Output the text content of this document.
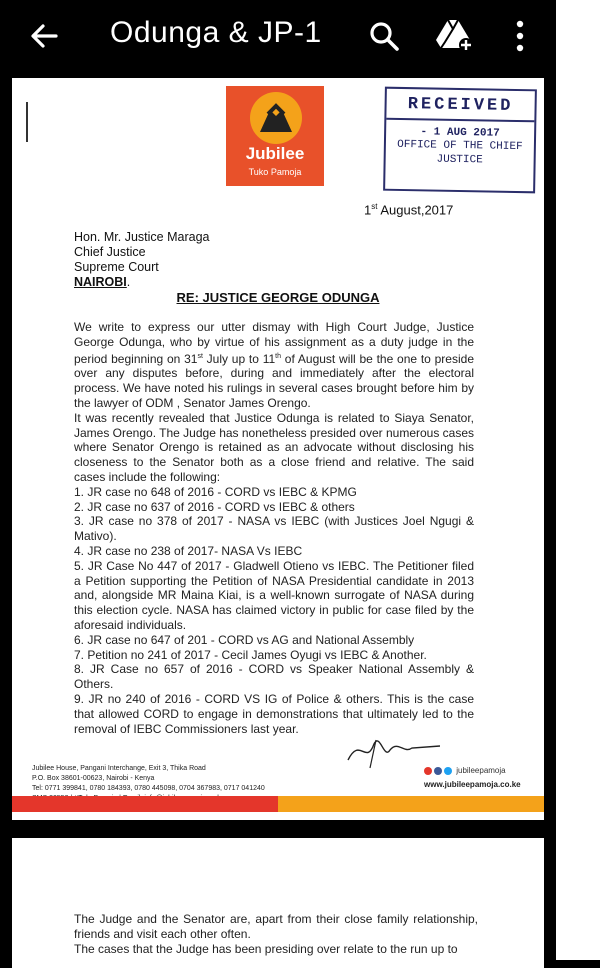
Odunga & JP-1
Jubilee
Tuko Pamoja
RECEIVED
- 1 AUG 2017
OFFICE OF THE CHIEF
JUSTICE
1st August,2017
Hon. Mr. Justice Maraga
Chief Justice
Supreme Court
NAIROBI.
RE: JUSTICE GEORGE ODUNGA

We write to express our utter dismay with High Court Judge, Justice George Odunga, who by virtue of his assignment as a duty judge in the period beginning on 31st July up to 11th of August will be the one to preside over any disputes before, during and immediately after the electoral process. We have noted his rulings in several cases brought before him by the lawyer of ODM , Senator James Orengo.

It was recently revealed that Justice Odunga is related to Siaya Senator, James Orengo. The Judge has nonetheless presided over numerous cases where Senator Orengo is retained as an advocate without disclosing his closeness to the Senator both as a close friend and relative. The said cases include the following:

1. JR case no 648 of 2016 - CORD vs IEBC & KPMG

2. JR case no 637 of 2016 - CORD vs IEBC & others

3. JR case no 378 of 2017 - NASA vs IEBC (with Justices Joel Ngugi & Mativo).

4. JR case no 238 of 2017- NASA Vs IEBC

5. JR Case No 447 of 2017 - Gladwell Otieno vs IEBC. The Petitioner filed a Petition supporting the Petition of NASA Presidential candidate in 2013 and, alongside MR Maina Kiai, is a well-known surrogate of NASA during this election cycle. NASA has claimed victory in public for case filed by the aforesaid individuals.

6. JR case no 647 of 201 - CORD vs AG and National Assembly

7. Petition no 241 of 2017 - Cecil James Oyugi vs IEBC & Another.

8. JR Case no 657 of 2016 - CORD vs Speaker National Assembly & Others.

9. JR no 240 of 2016 - CORD VS IG of Police & others. This is the case that allowed CORD to engage in demonstrations that ultimately led to the removal of IEBC Commissioners last year.

Jubilee House, Pangani Interchange, Exit 3, Thika Road
P.O. Box 38601-00623, Nairobi - Kenya
Tel: 0771 399841, 0780 184393, 0780 445098, 0704 367983, 0717 041240
jubileepamoja
www.jubileepamoja.co.ke

The Judge and the Senator are, apart from their close family relationship, friends and visit each other often.

The cases that the Judge has been presiding over relate to the run up to
